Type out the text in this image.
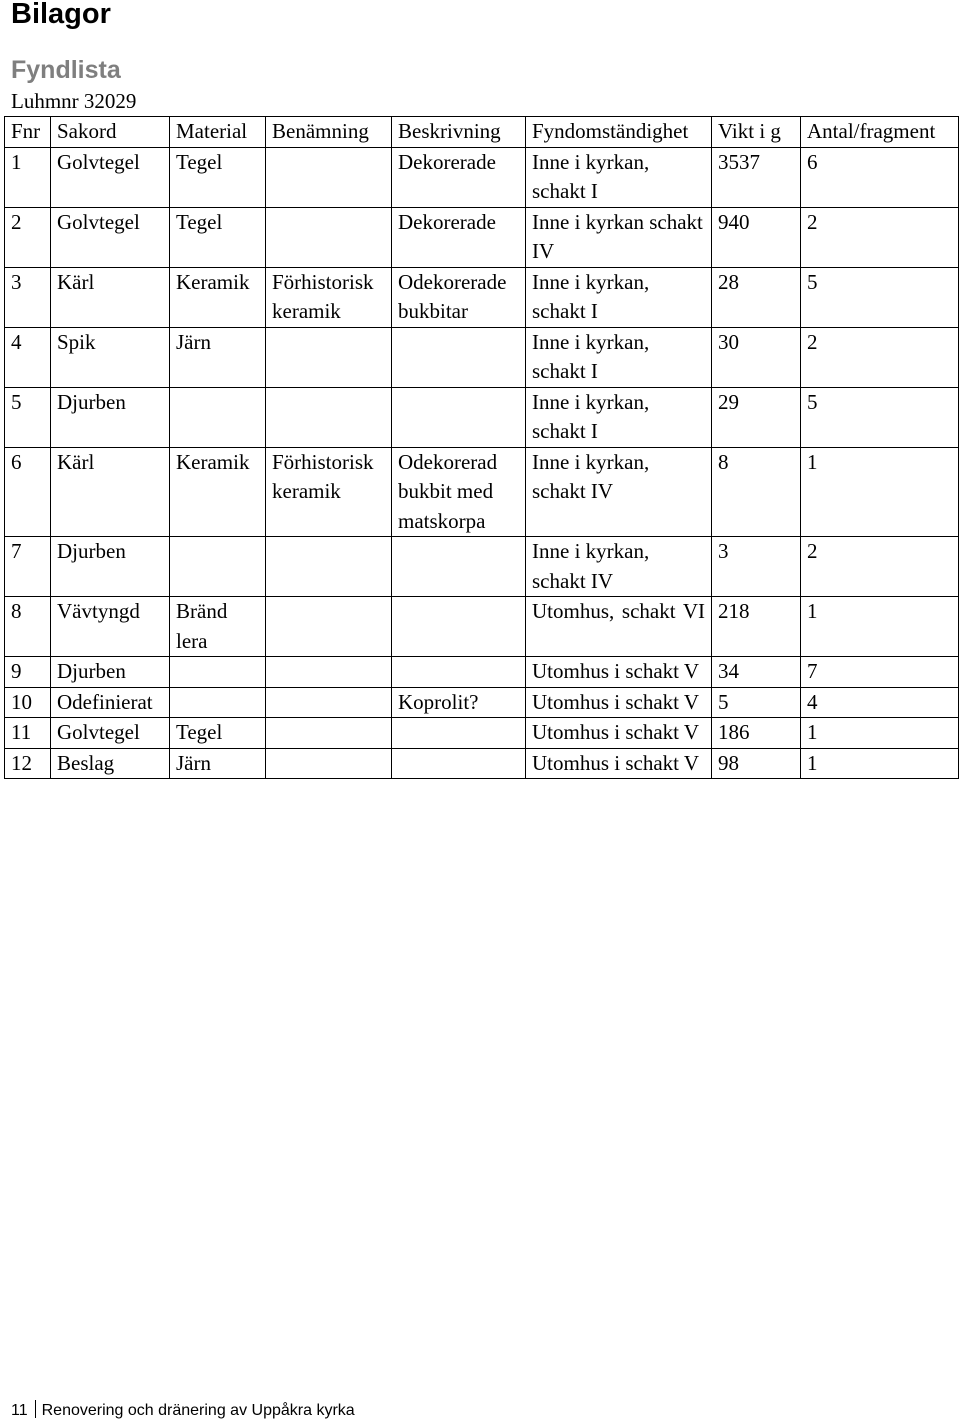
Bilagor
Fyndlista

Luhmnr 32029

Fnr	Sakord	Material	Benämning	Beskrivning	Fyndomständighet	Vikt i g	Antal/fragment
1	Golvtegel	Tegel		Dekorerade	Inne i kyrkan, schakt I	3537	6
2	Golvtegel	Tegel		Dekorerade	Inne i kyrkan schakt IV	940	2
3	Kärl	Keramik	Förhistorisk keramik	Odekorerade bukbitar	Inne i kyrkan, schakt I	28	5
4	Spik	Järn			Inne i kyrkan, schakt I	30	2
5	Djurben				Inne i kyrkan, schakt I	29	5
6	Kärl	Keramik	Förhistorisk keramik	Odekorerad bukbit med matskorpa	Inne i kyrkan, schakt IV	8	1
7	Djurben				Inne i kyrkan, schakt IV	3	2
8	Vävtyngd	Bränd lera			Utomhus, schakt VI	218	1
9	Djurben				Utomhus i schakt V	34	7
10	Odefinierat			Koprolit?	Utomhus i schakt V	5	4
11	Golvtegel	Tegel			Utomhus i schakt V	186	1
12	Beslag	Järn			Utomhus i schakt V	98	1
11 Renovering och dränering av Uppåkra kyrka
